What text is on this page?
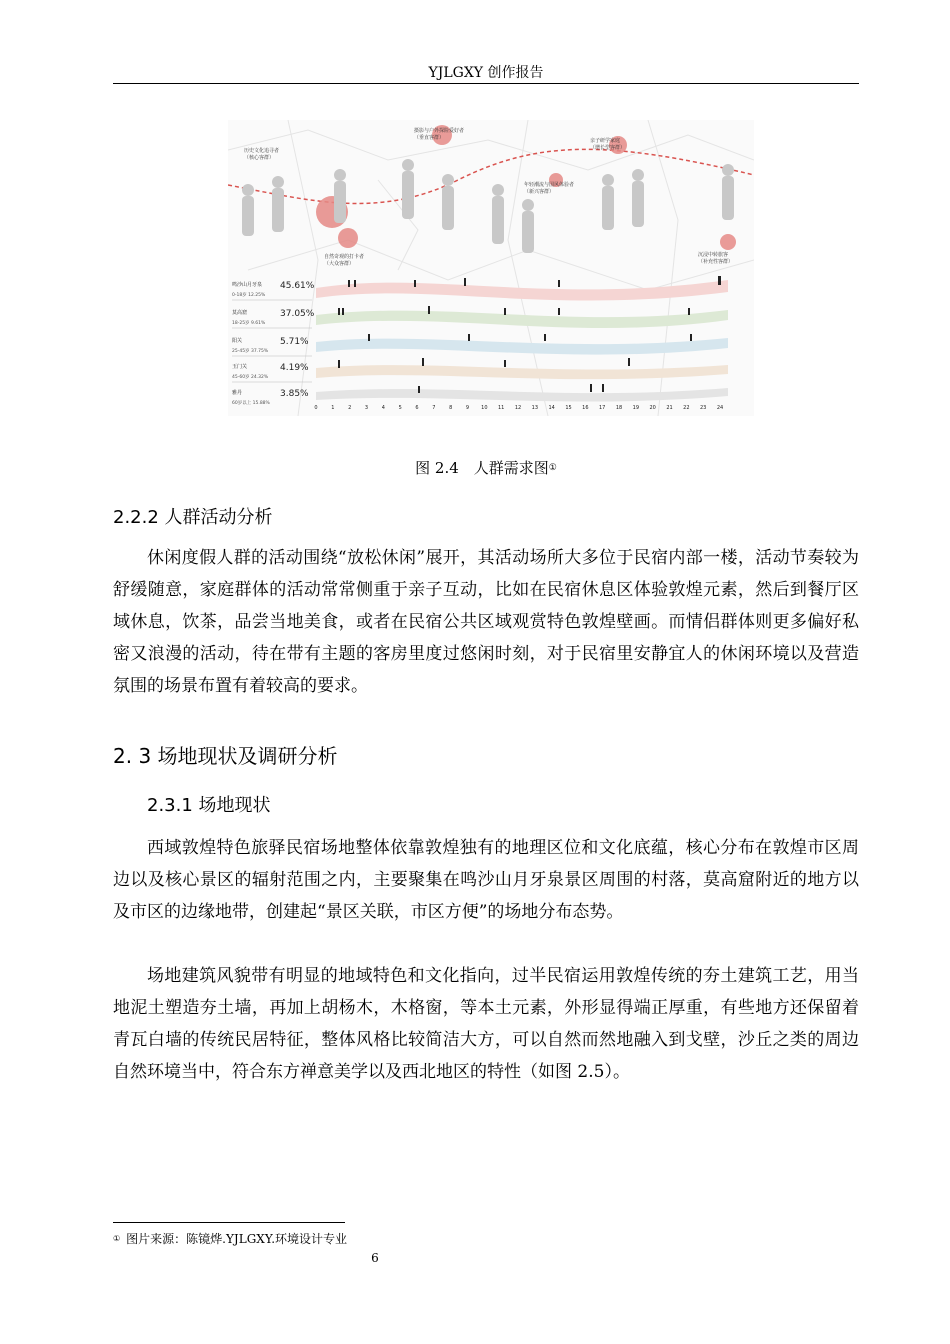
YJLGXY 创作报告
历史文化追寻者（核心客群）
摄影与户外探险爱好者（垂直客群）	亲子研学家庭（增长型客群）
自然奇观的打卡者（大众客群）
年轻潮流与国风体验者（新兴客群）
沉浸中转旅客（补充性客群）
鸣沙山月牙泉
0-18岁 12.25%
45.61%
莫高窟
18-25岁 9.61%
37.05%
阳关
25-45岁 37.75%
5.71%
玉门关
45-60岁 24.32%
4.19%
雅丹
60岁以上 15.88%
3.85%
0	1	2	3	4	5	6	7	8	9 10 11 12 13 14 15 16 17 18 19 20 21 22 23 24
图 2.4　人群需求图①
2.2.2 人群活动分析

休闲度假人群的活动围绕“放松休闲”展开，其活动场所大多位于民宿内部一楼，活动节奏较为舒缓随意，家庭群体的活动常常侧重于亲子互动，比如在民宿休息区体验敦煌元素，然后到餐厅区域休息，饮茶，品尝当地美食，或者在民宿公共区域观赏特色敦煌壁画。而情侣群体则更多偏好私密又浪漫的活动，待在带有主题的客房里度过悠闲时刻，对于民宿里安静宜人的休闲环境以及营造氛围的场景布置有着较高的要求。

2. 3 场地现状及调研分析
2.3.1 场地现状

西域敦煌特色旅驿民宿场地整体依靠敦煌独有的地理区位和文化底蕴，核心分布在敦煌市区周边以及核心景区的辐射范围之内，主要聚集在鸣沙山月牙泉景区周围的村落，莫高窟附近的地方以及市区的边缘地带，创建起“景区关联，市区方便”的场地分布态势。

场地建筑风貌带有明显的地域特色和文化指向，过半民宿运用敦煌传统的夯土建筑工艺，用当地泥土塑造夯土墙，再加上胡杨木，木格窗，等本土元素，外形显得端正厚重，有些地方还保留着青瓦白墙的传统民居特征，整体风格比较简洁大方，可以自然而然地融入到戈壁，沙丘之类的周边自然环境当中，符合东方禅意美学以及西北地区的特性（如图 2.5）。

① 图片来源：陈镜烨.YJLGXY.环境设计专业
6
